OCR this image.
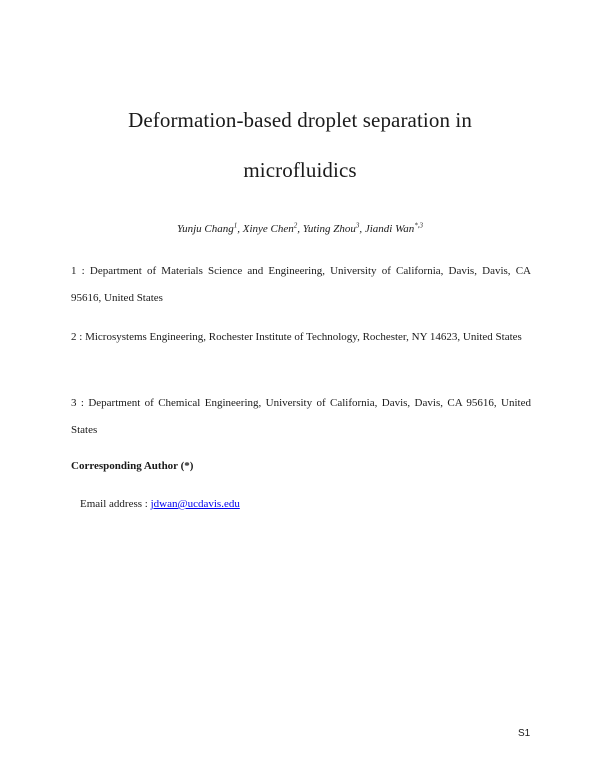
Deformation-based droplet separation in
microfluidics

Yunju Chang$^1$, Xinye Chen$^2$, Yuting Zhou$^3$, Jiandi Wan$^{*,3}$

1 : Department of Materials Science and Engineering, University of California, Davis, Davis, CA 95616, United States

2 : Microsystems Engineering, Rochester Institute of Technology, Rochester, NY 14623, United States

3 : Department of Chemical Engineering, University of California, Davis, Davis, CA 95616, United States

Corresponding Author (*)

Email address : jdwan@ucdavis.edu

S1
